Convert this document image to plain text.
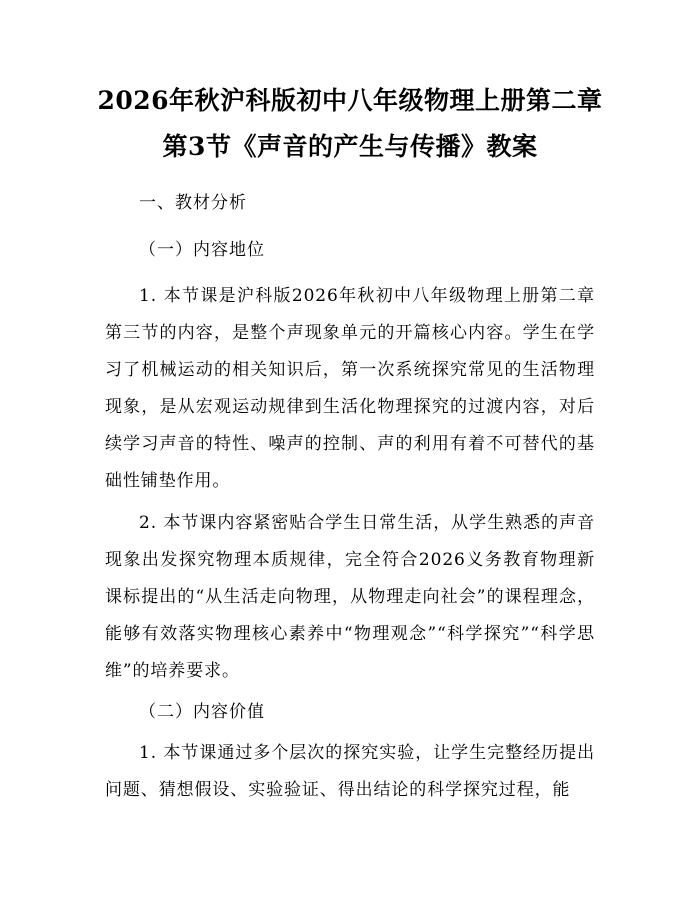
2026年秋沪科版初中八年级物理上册第二章
第3节《声音的产生与传播》教案
一、教材分析
（一）内容地位

1. 本节课是沪科版2026年秋初中八年级物理上册第二章第三节的内容，是整个声现象单元的开篇核心内容。学生在学习了机械运动的相关知识后，第一次系统探究常见的生活物理现象，是从宏观运动规律到生活化物理探究的过渡内容，对后续学习声音的特性、噪声的控制、声的利用有着不可替代的基础性铺垫作用。

2. 本节课内容紧密贴合学生日常生活，从学生熟悉的声音现象出发探究物理本质规律，完全符合2026义务教育物理新课标提出的“从生活走向物理，从物理走向社会”的课程理念，能够有效落实物理核心素养中“物理观念”“科学探究”“科学思维”的培养要求。

（二）内容价值

1. 本节课通过多个层次的探究实验，让学生完整经历提出问题、猜想假设、实验验证、得出结论的科学探究过程，能
